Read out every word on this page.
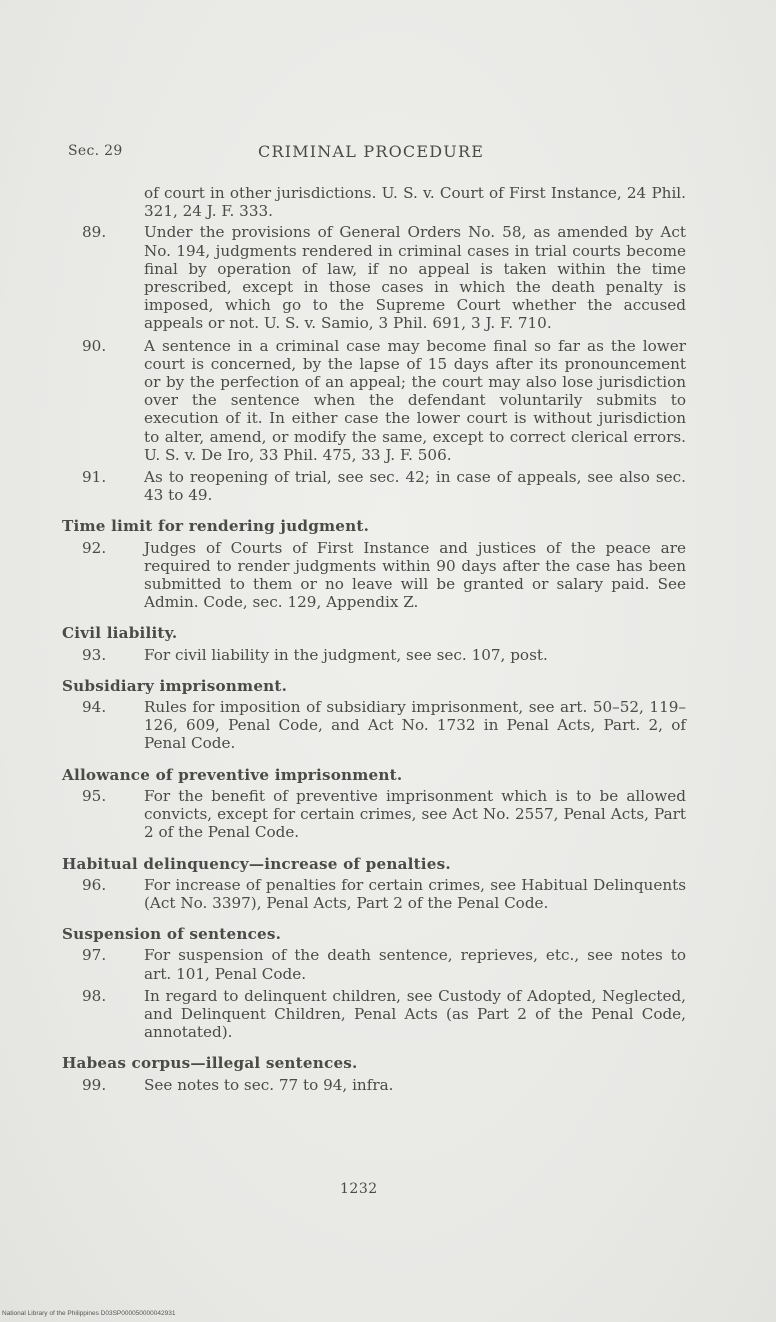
Sec. 29	CRIMINAL PROCEDURE
of court in other jurisdictions. U. S. v. Court of First Instance, 24 Phil. 321, 24 J. F. 333.
89. Under the provisions of General Orders No. 58, as amended by Act No. 194, judgments rendered in criminal cases in trial courts become final by operation of law, if no appeal is taken within the time prescribed, except in those cases in which the death penalty is imposed, which go to the Supreme Court whether the accused appeals or not. U. S. v. Samio, 3 Phil. 691, 3 J. F. 710.
90. A sentence in a criminal case may become final so far as the lower court is concerned, by the lapse of 15 days after its pronouncement or by the perfection of an appeal; the court may also lose jurisdiction over the sentence when the defendant voluntarily submits to execution of it. In either case the lower court is without jurisdiction to alter, amend, or modify the same, except to correct clerical errors. U. S. v. De Iro, 33 Phil. 475, 33 J. F. 506.
91. As to reopening of trial, see sec. 42; in case of appeals, see also sec. 43 to 49.
Time limit for rendering judgment.
92. Judges of Courts of First Instance and justices of the peace are required to render judgments within 90 days after the case has been submitted to them or no leave will be granted or salary paid. See Admin. Code, sec. 129, Appendix Z.
Civil liability.
93. For civil liability in the judgment, see sec. 107, post.
Subsidiary imprisonment.
94. Rules for imposition of subsidiary imprisonment, see art. 50–52, 119–126, 609, Penal Code, and Act No. 1732 in Penal Acts, Part. 2, of Penal Code.
Allowance of preventive imprisonment.
95. For the benefit of preventive imprisonment which is to be allowed convicts, except for certain crimes, see Act No. 2557, Penal Acts, Part 2 of the Penal Code.
Habitual delinquency—increase of penalties.
96. For increase of penalties for certain crimes, see Habitual Delinquents (Act No. 3397), Penal Acts, Part 2 of the Penal Code.
Suspension of sentences.
97. For suspension of the death sentence, reprieves, etc., see notes to art. 101, Penal Code.
98. In regard to delinquent children, see Custody of Adopted, Neglected, and Delinquent Children, Penal Acts (as Part 2 of the Penal Code, annotated).
Habeas corpus—illegal sentences.
99. See notes to sec. 77 to 94, infra.
1232
National Library of the Philippines D03SP000050000042931
